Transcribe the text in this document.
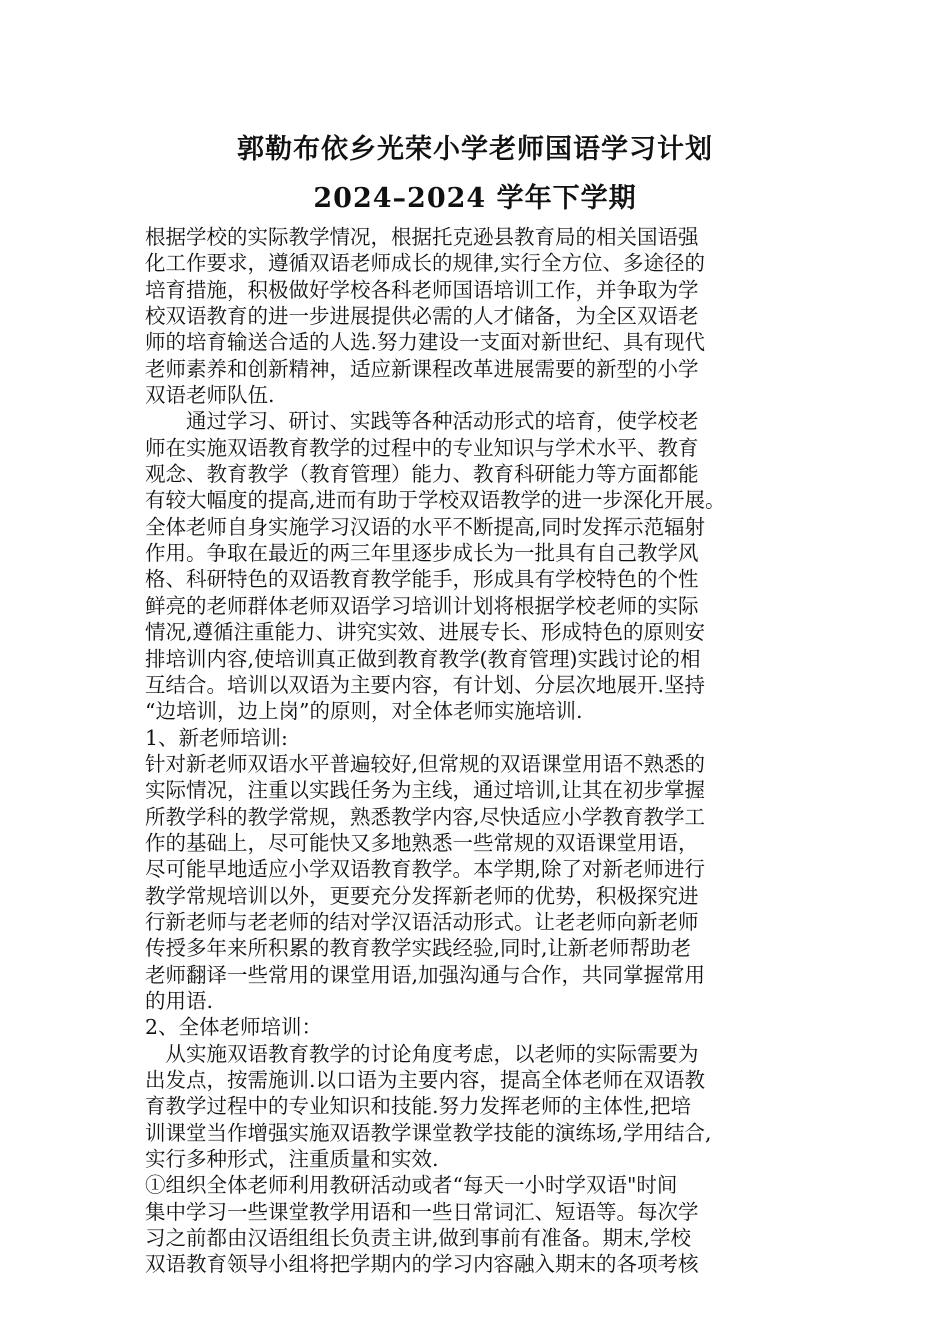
郭勒布依乡光荣小学老师国语学习计划
2024–2024 学年下学期
根据学校的实际教学情况，根据托克逊县教育局的相关国语强
化工作要求，遵循双语老师成长的规律,实行全方位、多途径的
培育措施，积极做好学校各科老师国语培训工作，并争取为学
校双语教育的进一步进展提供必需的人才储备，为全区双语老
师的培育输送合适的人选.努力建设一支面对新世纪、具有现代
老师素养和创新精神，适应新课程改革进展需要的新型的小学
双语老师队伍.
　　通过学习、研讨、实践等各种活动形式的培育，使学校老
师在实施双语教育教学的过程中的专业知识与学术水平、教育
观念、教育教学（教育管理）能力、教育科研能力等方面都能
有较大幅度的提高,进而有助于学校双语教学的进一步深化开展。
全体老师自身实施学习汉语的水平不断提高,同时发挥示范辐射
作用。争取在最近的两三年里逐步成长为一批具有自己教学风
格、科研特色的双语教育教学能手，形成具有学校特色的个性
鲜亮的老师群体老师双语学习培训计划将根据学校老师的实际
情况,遵循注重能力、讲究实效、进展专长、形成特色的原则安
排培训内容,使培训真正做到教育教学(教育管理)实践讨论的相
互结合。培训以双语为主要内容，有计划、分层次地展开.坚持
“边培训，边上岗”的原则，对全体老师实施培训.
1、新老师培训:
针对新老师双语水平普遍较好,但常规的双语课堂用语不熟悉的
实际情况，注重以实践任务为主线，通过培训,让其在初步掌握
所教学科的教学常规，熟悉教学内容,尽快适应小学教育教学工
作的基础上，尽可能快又多地熟悉一些常规的双语课堂用语，
尽可能早地适应小学双语教育教学。本学期,除了对新老师进行
教学常规培训以外，更要充分发挥新老师的优势，积极探究进
行新老师与老老师的结对学汉语活动形式。让老老师向新老师
传授多年来所积累的教育教学实践经验,同时,让新老师帮助老
老师翻译一些常用的课堂用语,加强沟通与合作，共同掌握常用
的用语.
2、全体老师培训：
　从实施双语教育教学的讨论角度考虑，以老师的实际需要为
出发点，按需施训.以口语为主要内容，提高全体老师在双语教
育教学过程中的专业知识和技能.努力发挥老师的主体性,把培
训课堂当作增强实施双语教学课堂教学技能的演练场,学用结合,
实行多种形式，注重质量和实效.
①组织全体老师利用教研活动或者“每天一小时学双语"时间
集中学习一些课堂教学用语和一些日常词汇、短语等。每次学
习之前都由汉语组组长负责主讲,做到事前有准备。期末,学校
双语教育领导小组将把学期内的学习内容融入期末的各项考核
